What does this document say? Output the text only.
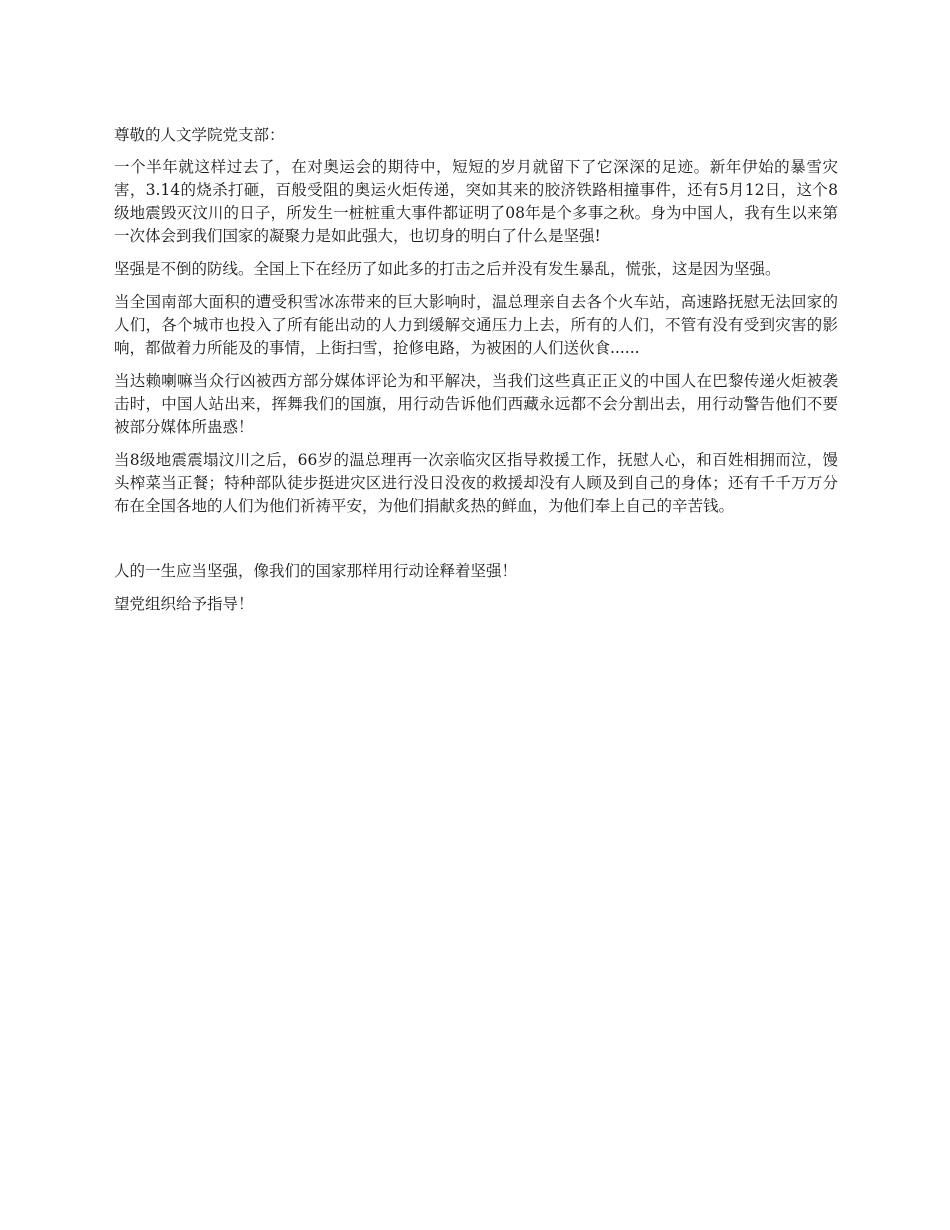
尊敬的人文学院党支部：

一个半年就这样过去了，在对奥运会的期待中，短短的岁月就留下了它深深的足迹。新年伊始的暴雪灾害，3.14的烧杀打砸，百般受阻的奥运火炬传递，突如其来的胶济铁路相撞事件，还有5月12日，这个8级地震毁灭汶川的日子，所发生一桩桩重大事件都证明了08年是个多事之秋。身为中国人，我有生以来第一次体会到我们国家的凝聚力是如此强大，也切身的明白了什么是坚强!

坚强是不倒的防线。全国上下在经历了如此多的打击之后并没有发生暴乱，慌张，这是因为坚强。

当全国南部大面积的遭受积雪冰冻带来的巨大影响时，温总理亲自去各个火车站，高速路抚慰无法回家的人们，各个城市也投入了所有能出动的人力到缓解交通压力上去，所有的人们，不管有没有受到灾害的影响，都做着力所能及的事情，上街扫雪，抢修电路，为被困的人们送伙食......

当达赖喇嘛当众行凶被西方部分媒体评论为和平解决，当我们这些真正正义的中国人在巴黎传递火炬被袭击时，中国人站出来，挥舞我们的国旗，用行动告诉他们西藏永远都不会分割出去，用行动警告他们不要被部分媒体所蛊惑！

当8级地震震塌汶川之后，66岁的温总理再一次亲临灾区指导救援工作，抚慰人心，和百姓相拥而泣，馒头榨菜当正餐；特种部队徒步挺进灾区进行没日没夜的救援却没有人顾及到自己的身体；还有千千万万分布在全国各地的人们为他们祈祷平安，为他们捐献炙热的鲜血，为他们奉上自己的辛苦钱。

人的一生应当坚强，像我们的国家那样用行动诠释着坚强！

望党组织给予指导！
